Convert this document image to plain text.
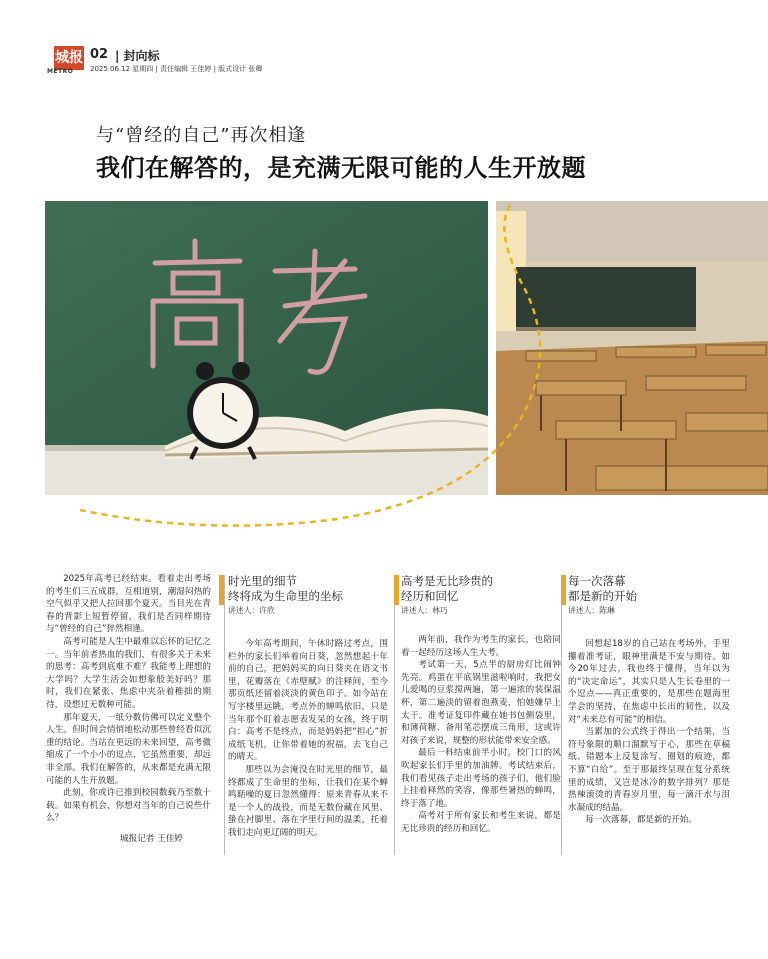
城报
METRO
02 | 封向标
2025.06.12 星期四 | 责任编辑 王佳婷 | 版式设计 张卿
与“曾经的自己”再次相逢
我们在解答的，是充满无限可能的人生开放题

2025年高考已经结束。看着走出考场的考生们三五成群，互相道别，潮湿闷热的空气似乎又把人拉回那个夏天。当目光在青春的背影上短暂停留，我们是否同样期待与“曾经的自己”猝然相逢。

高考可能是人生中最难以忘怀的记忆之一。当年前者热血的我们，有很多关于未来的思考：高考到底难不难？我能考上理想的大学吗？大学生活会如想象般美好吗？那时，我们在紧张、焦虑中夹杂着稚拙的期待，设想过无数种可能。

那年夏天，一纸分数仿佛可以定义整个人生。但时间会悄悄地松动那些曾经看似沉重的结论。当站在更远的未来回望，高考微缩成了一个小小的逗点，它虽然重要，却远非全部。我们在解答的，从来都是充满无限可能的人生开放题。

此刻，你或许已推到校园数载乃至数十载。如果有机会，你想对当年的自己说些什么？

城报记者 王佳婷
时光里的细节
终将成为生命里的坐标
讲述人：许欣

今年高考期间，午休时路过考点，围栏外的家长们举着向日葵，忽然想起十年前的自己，把妈妈买的向日葵夹在语文书里，花瓣落在《赤壁赋》的注释间，至今那页纸还留着淡淡的黄色印子。如今站在写字楼里远眺，考点外的蝉鸣依旧，只是当年那个盯着志愿表发呆的女孩，终于明白：高考不是终点，而是妈妈把“担心”折成纸飞机，让你带着她的祝福，去飞自己的晴天。

那些以为会淹没在时光里的细节，最终都成了生命里的坐标，让我们在某个蝉鸣聒噪的夏日忽然懂得：原来青春从来不是一个人的战役，而是无数份藏在风里、蛰在衬脚里、落在字里行间的温柔，托着我们走向更辽阔的明天。

高考是无比珍贵的
经历和回忆
讲述人：林巧

两年前，我作为考生的家长，也陪同着一起经历这场人生大考。

考试第一天，5点半的厨房灯比闹钟先亮。鸡蛋在平底锅里滋啦响时，我把女儿爱喝的豆浆搅两遍，第一遍浓的装保温杯，第二遍淡的留着泡燕麦，怕她嫌早上太干。准考证复印件藏在她书包侧袋里，和薄荷糖、备用笔芯摆成三角形，这或许对孩子来说，规整的形状能带来安全感。

最后一科结束前半小时，校门口的风吹起家长们手里的加油牌。考试结束后，我们看见孩子走出考场的孩子们，他们脸上挂着释然的笑容，像那些暑热的蝉鸣，终于落了地。

高考对于所有家长和考生来说，都是无比珍贵的经历和回忆。

每一次落幕
都是新的开始
讲述人：陈琳

回想起18岁的自己站在考场外，手里攥着准考证，眼神里满是不安与期待。如今20年过去，我也终于懂得，当年以为的“决定命运”，其实只是人生长卷里的一个逗点——真正重要的，是那些在题海里学会的坚持，在焦虑中长出的韧性，以及对“未来总有可能”的相信。

当累加的公式终于得出一个结果，当符号象限的顺口溜默写于心，那些在草稿纸、错题本上反复涂写、圈划的痕迹，都不算“白给”。至于那最终呈现在复分系统里的成绩，又岂是冰冷的数字排列？那是热辣滚烫的青春岁月里，每一滴汗水与泪水凝成的结晶。

每一次落幕，都是新的开始。
